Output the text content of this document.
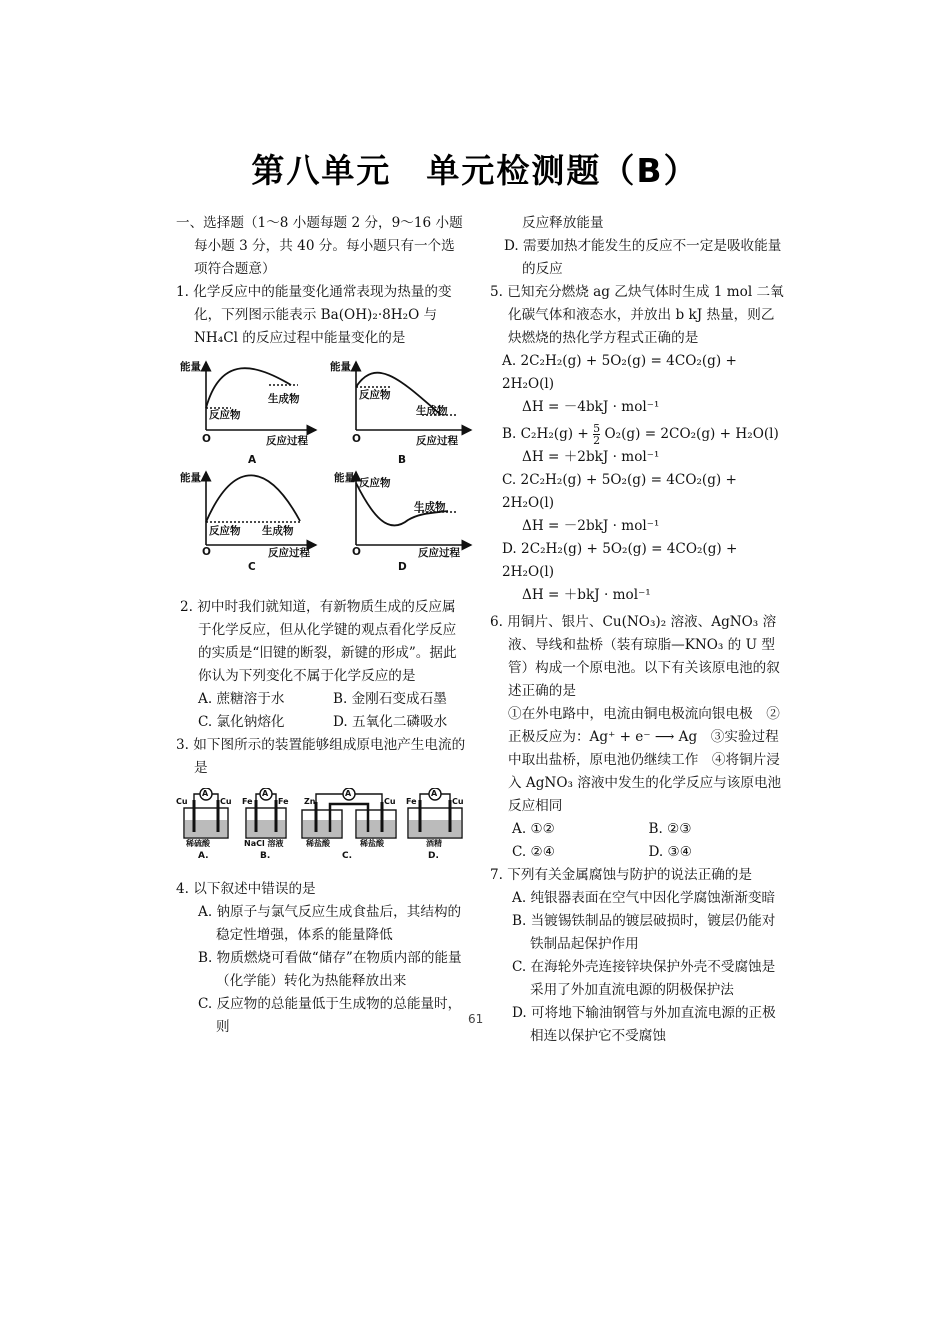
第八单元　单元检测题（B）

一、选择题（1～8 小题每题 2 分，9～16 小题每小题 3 分，共 40 分。每小题只有一个选项符合题意）

1. 化学反应中的能量变化通常表现为热量的变化，下列图示能表示 Ba(OH)₂·8H₂O 与 NH₄Cl 的反应过程中能量变化的是

能量
生成物
反应物
O	反应过程
A
能量
反应物
生成物
O	反应过程
B
能量
反应物 生成物
O	反应过程
C
能量 反应物
生成物
O	反应过程
D

2. 初中时我们就知道，有新物质生成的反应属于化学反应，但从化学键的观点看化学反应的实质是“旧键的断裂，新键的形成”。据此你认为下列变化不属于化学反应的是

A. 蔗糖溶于水	B. 金刚石变成石墨
C. 氯化钠熔化	D. 五氧化二磷吸水

3. 如下图所示的装置能够组成原电池产生电流的是

Cu	Cu
A
稀硫酸
A.
Fe	Fe
A
NaCl 溶液
B.
Zn	Cu
A
稀盐酸	稀盐酸
C.
Fe	Cu
A
酒精
D.

4. 以下叙述中错误的是

A. 钠原子与氯气反应生成食盐后，其结构的稳定性增强，体系的能量降低

B. 物质燃烧可看做“储存”在物质内部的能量（化学能）转化为热能释放出来

C. 反应物的总能量低于生成物的总能量时，则

反应释放能量

D. 需要加热才能发生的反应不一定是吸收能量的反应

5. 已知充分燃烧 ag 乙炔气体时生成 1 mol 二氧化碳气体和液态水，并放出 b kJ 热量，则乙炔燃烧的热化学方程式正确的是

A. 2C₂H₂(g) + 5O₂(g) = 4CO₂(g) + 2H₂O(l)

ΔH = －4bkJ · mol⁻¹

B. $C_2H_2(g) + \frac{5}{2} O_2(g) = 2CO_2(g) + H_2O(l)$

ΔH = ＋2bkJ · mol⁻¹

C. 2C₂H₂(g) + 5O₂(g) = 4CO₂(g) + 2H₂O(l)

ΔH = －2bkJ · mol⁻¹

D. 2C₂H₂(g) + 5O₂(g) = 4CO₂(g) + 2H₂O(l)

ΔH = ＋bkJ · mol⁻¹

6. 用铜片、银片、Cu(NO₃)₂ 溶液、AgNO₃ 溶液、导线和盐桥（装有琼脂—KNO₃ 的 U 型管）构成一个原电池。以下有关该原电池的叙述正确的是

①在外电路中，电流由铜电极流向银电极　②正极反应为：Ag⁺ + e⁻ ⟶ Ag　③实验过程中取出盐桥，原电池仍继续工作　④将铜片浸入 AgNO₃ 溶液中发生的化学反应与该原电池反应相同

A. ①②	B. ②③
C. ②④	D. ③④

7. 下列有关金属腐蚀与防护的说法正确的是

A. 纯银器表面在空气中因化学腐蚀渐渐变暗

B. 当镀锡铁制品的镀层破损时，镀层仍能对铁制品起保护作用

C. 在海轮外壳连接锌块保护外壳不受腐蚀是采用了外加直流电源的阴极保护法

D. 可将地下输油钢管与外加直流电源的正极相连以保护它不受腐蚀

61
